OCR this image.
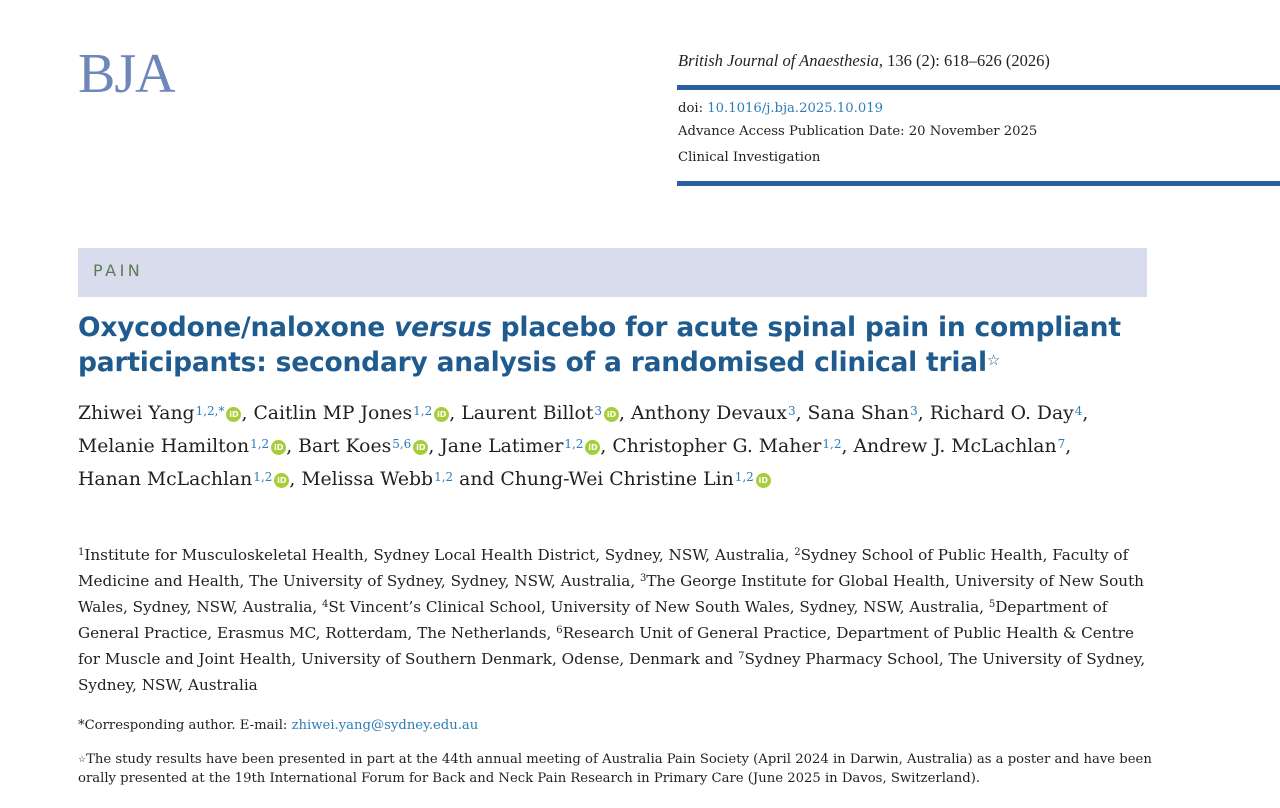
BJA	British Journal of Anaesthesia, 136 (2): 618–626 (2026)
doi: 10.1016/j.bja.2025.10.019
Advance Access Publication Date: 20 November 2025
Clinical Investigation
PAIN
Oxycodone/naloxone versus placebo for acute spinal pain in compliant participants: secondary analysis of a randomised clinical trial☆
Zhiwei Yang$^{1,2,*}$ iD , Caitlin MP Jones$^{1,2}$ iD , Laurent Billot$^3$ iD , Anthony Devaux$^3$, Sana Shan$^3$, Richard O. Day$^4$, Melanie Hamilton$^{1,2}$ iD , Bart Koes$^{5,6}$ iD , Jane Latimer$^{1,2}$ iD , Christopher G. Maher$^{1,2}$, Andrew J. McLachlan$^7$, Hanan McLachlan$^{1,2}$ iD , Melissa Webb$^{1,2}$ and Chung-Wei Christine Lin$^{1,2}$ iD
$^1$Institute for Musculoskeletal Health, Sydney Local Health District, Sydney, NSW, Australia, $^2$Sydney School of Public Health, Faculty of Medicine and Health, The University of Sydney, Sydney, NSW, Australia, $^3$The George Institute for Global Health, University of New South Wales, Sydney, NSW, Australia, $^4$St Vincent’s Clinical School, University of New South Wales, Sydney, NSW, Australia, $^5$Department of General Practice, Erasmus MC, Rotterdam, The Netherlands, $^6$Research Unit of General Practice, Department of Public Health & Centre for Muscle and Joint Health, University of Southern Denmark, Odense, Denmark and $^7$Sydney Pharmacy School, The University of Sydney, Sydney, NSW, Australia
*Corresponding author. E-mail: zhiwei.yang@sydney.edu.au
☆The study results have been presented in part at the 44th annual meeting of Australia Pain Society (April 2024 in Darwin, Australia) as a poster and have been orally presented at the 19th International Forum for Back and Neck Pain Research in Primary Care (June 2025 in Davos, Switzerland).
